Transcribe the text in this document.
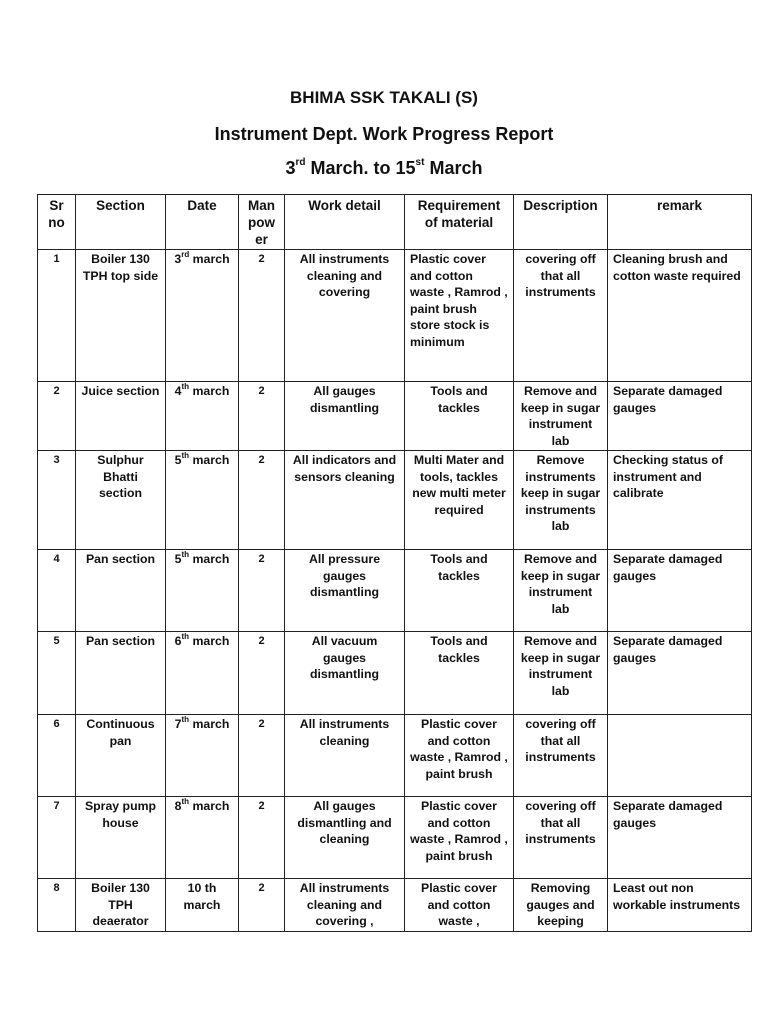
BHIMA SSK TAKALI (S)
Instrument Dept. Work Progress Report
3rd March. to 15st March
Sr no	Section	Date	Man pow er	Work detail	Requirement of material	Description	remark
1	Boiler 130 TPH top side	3rd march	2	All instruments cleaning and covering	Plastic cover and cotton waste , Ramrod , paint brush store stock is minimum	covering off that all instruments	Cleaning brush and cotton waste required
2	Juice section	4th march	2	All gauges dismantling	Tools and tackles	Remove and keep in sugar instrument lab	Separate damaged gauges
3	Sulphur Bhatti section	5th march	2	All indicators and sensors cleaning	Multi Mater and tools, tackles new multi meter required	Remove instruments keep in sugar instruments lab	Checking status of instrument and calibrate
4	Pan section	5th march	2	All pressure gauges dismantling	Tools and tackles	Remove and keep in sugar instrument lab	Separate damaged gauges
5	Pan section	6th march	2	All vacuum gauges dismantling	Tools and tackles	Remove and keep in sugar instrument lab	Separate damaged gauges
6	Continuous pan	7th march	2	All instruments cleaning	Plastic cover and cotton waste , Ramrod , paint brush	covering off that all instruments	
7	Spray pump house	8th march	2	All gauges dismantling and cleaning	Plastic cover and cotton waste , Ramrod , paint brush	covering off that all instruments	Separate damaged gauges
8	Boiler 130 TPH deaerator	10 th march	2	All instruments cleaning and covering ,	Plastic cover and cotton waste ,	Removing gauges and keeping	Least out non workable instruments
